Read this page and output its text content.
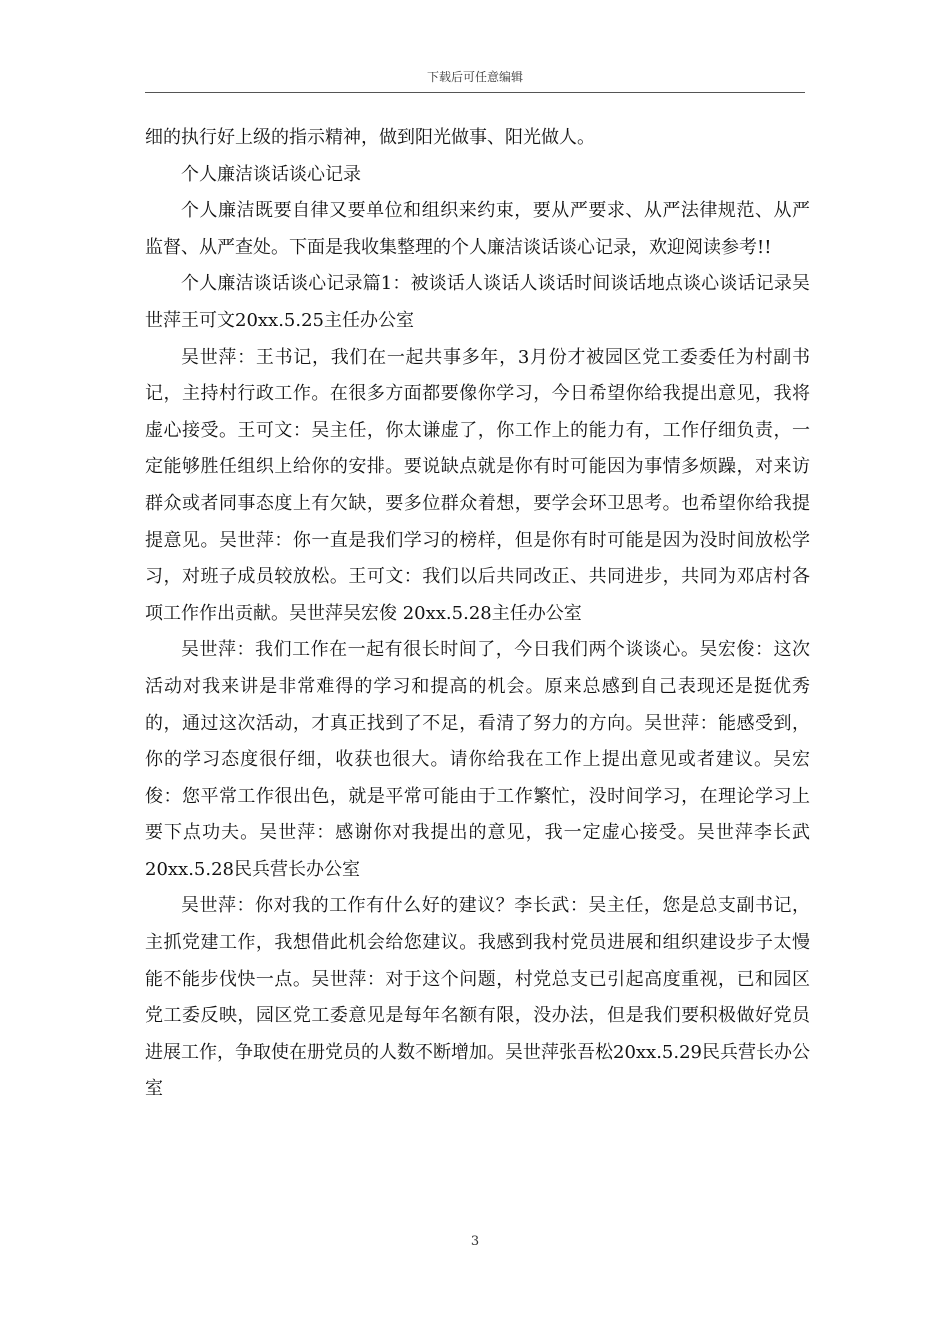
下载后可任意编辑

细的执行好上级的指示精神，做到阳光做事、阳光做人。

个人廉洁谈话谈心记录

个人廉洁既要自律又要单位和组织来约束，要从严要求、从严法律规范、从严监督、从严查处。下面是我收集整理的个人廉洁谈话谈心记录，欢迎阅读参考!!

个人廉洁谈话谈心记录篇1：被谈话人谈话人谈话时间谈话地点谈心谈话记录吴世萍王可文20xx.5.25主任办公室

吴世萍：王书记，我们在一起共事多年，3月份才被园区党工委委任为村副书记，主持村行政工作。在很多方面都要像你学习，今日希望你给我提出意见，我将虚心接受。王可文：吴主任，你太谦虚了，你工作上的能力有，工作仔细负责，一定能够胜任组织上给你的安排。要说缺点就是你有时可能因为事情多烦躁，对来访群众或者同事态度上有欠缺，要多位群众着想，要学会环卫思考。也希望你给我提提意见。吴世萍：你一直是我们学习的榜样，但是你有时可能是因为没时间放松学习，对班子成员较放松。王可文：我们以后共同改正、共同进步，共同为邓店村各项工作作出贡献。吴世萍吴宏俊 20xx.5.28主任办公室

吴世萍：我们工作在一起有很长时间了，今日我们两个谈谈心。吴宏俊：这次活动对我来讲是非常难得的学习和提高的机会。原来总感到自己表现还是挺优秀的，通过这次活动，才真正找到了不足，看清了努力的方向。吴世萍：能感受到，你的学习态度很仔细，收获也很大。请你给我在工作上提出意见或者建议。吴宏俊：您平常工作很出色，就是平常可能由于工作繁忙，没时间学习，在理论学习上要下点功夫。吴世萍：感谢你对我提出的意见，我一定虚心接受。吴世萍李长武20xx.5.28民兵营长办公室

吴世萍：你对我的工作有什么好的建议？李长武：吴主任，您是总支副书记，主抓党建工作，我想借此机会给您建议。我感到我村党员进展和组织建设步子太慢能不能步伐快一点。吴世萍：对于这个问题，村党总支已引起高度重视，已和园区党工委反映，园区党工委意见是每年名额有限，没办法，但是我们要积极做好党员进展工作，争取使在册党员的人数不断增加。吴世萍张吾松20xx.5.29民兵营长办公室

3
